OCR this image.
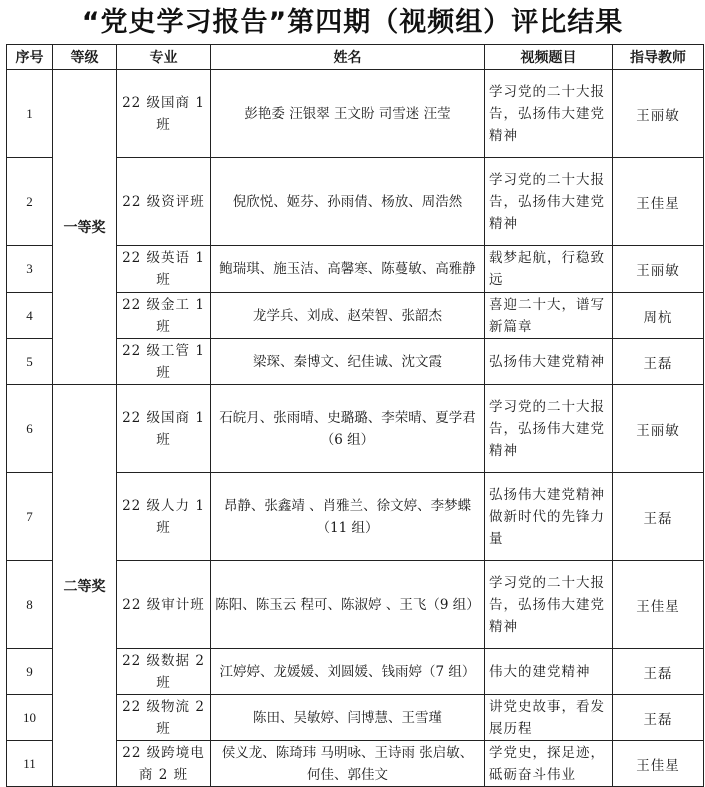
“党史学习报告”第四期（视频组）评比结果
序号	等级	专业	姓名	视频题目	指导教师
1	一等奖	22 级国商 1 班	彭艳委 汪银翠 王文盼 司雪迷 汪莹	学习党的二十大报告，弘扬伟大建党精神	王丽敏
2		22 级资评班	倪欣悦、姬芬、孙雨倩、杨放、周浩然	学习党的二十大报告，弘扬伟大建党精神	王佳星
3		22 级英语 1 班	鲍瑞琪、施玉洁、高馨寒、陈蔓敏、高雅静	载梦起航，行稳致远	王丽敏
4		22 级金工 1 班	龙学兵、刘成、赵荣智、张韶杰	喜迎二十大，谱写新篇章	周杭
5		22 级工管 1 班	梁琛、秦博文、纪佳诚、沈文霞	弘扬伟大建党精神	王磊
6	二等奖	22 级国商 1 班	石皖月、张雨晴、史璐璐、李荣晴、夏学君（6 组）	学习党的二十大报告，弘扬伟大建党精神	王丽敏
7		22 级人力 1 班	昂静、张鑫靖 、肖雅兰、徐文婷、李梦蝶（11 组）	弘扬伟大建党精神 做新时代的先锋力量	王磊
8		22 级审计班	陈阳、陈玉云 程可、陈淑婷 、王飞（9 组）	学习党的二十大报告，弘扬伟大建党精神	王佳星
9		22 级数据 2 班	江婷婷、龙媛媛、刘圆媛、钱雨婷（7 组）	伟大的建党精神	王磊
10		22 级物流 2 班	陈田、吴敏婷、闫博慧、王雪瑾	讲党史故事，看发展历程	王磊
11		22 级跨境电商 2 班	侯义龙、陈琦玮 马明咏、王诗雨 张启敏、何佳、郭佳文	学党史，探足迹，砥砺奋斗伟业	王佳星
